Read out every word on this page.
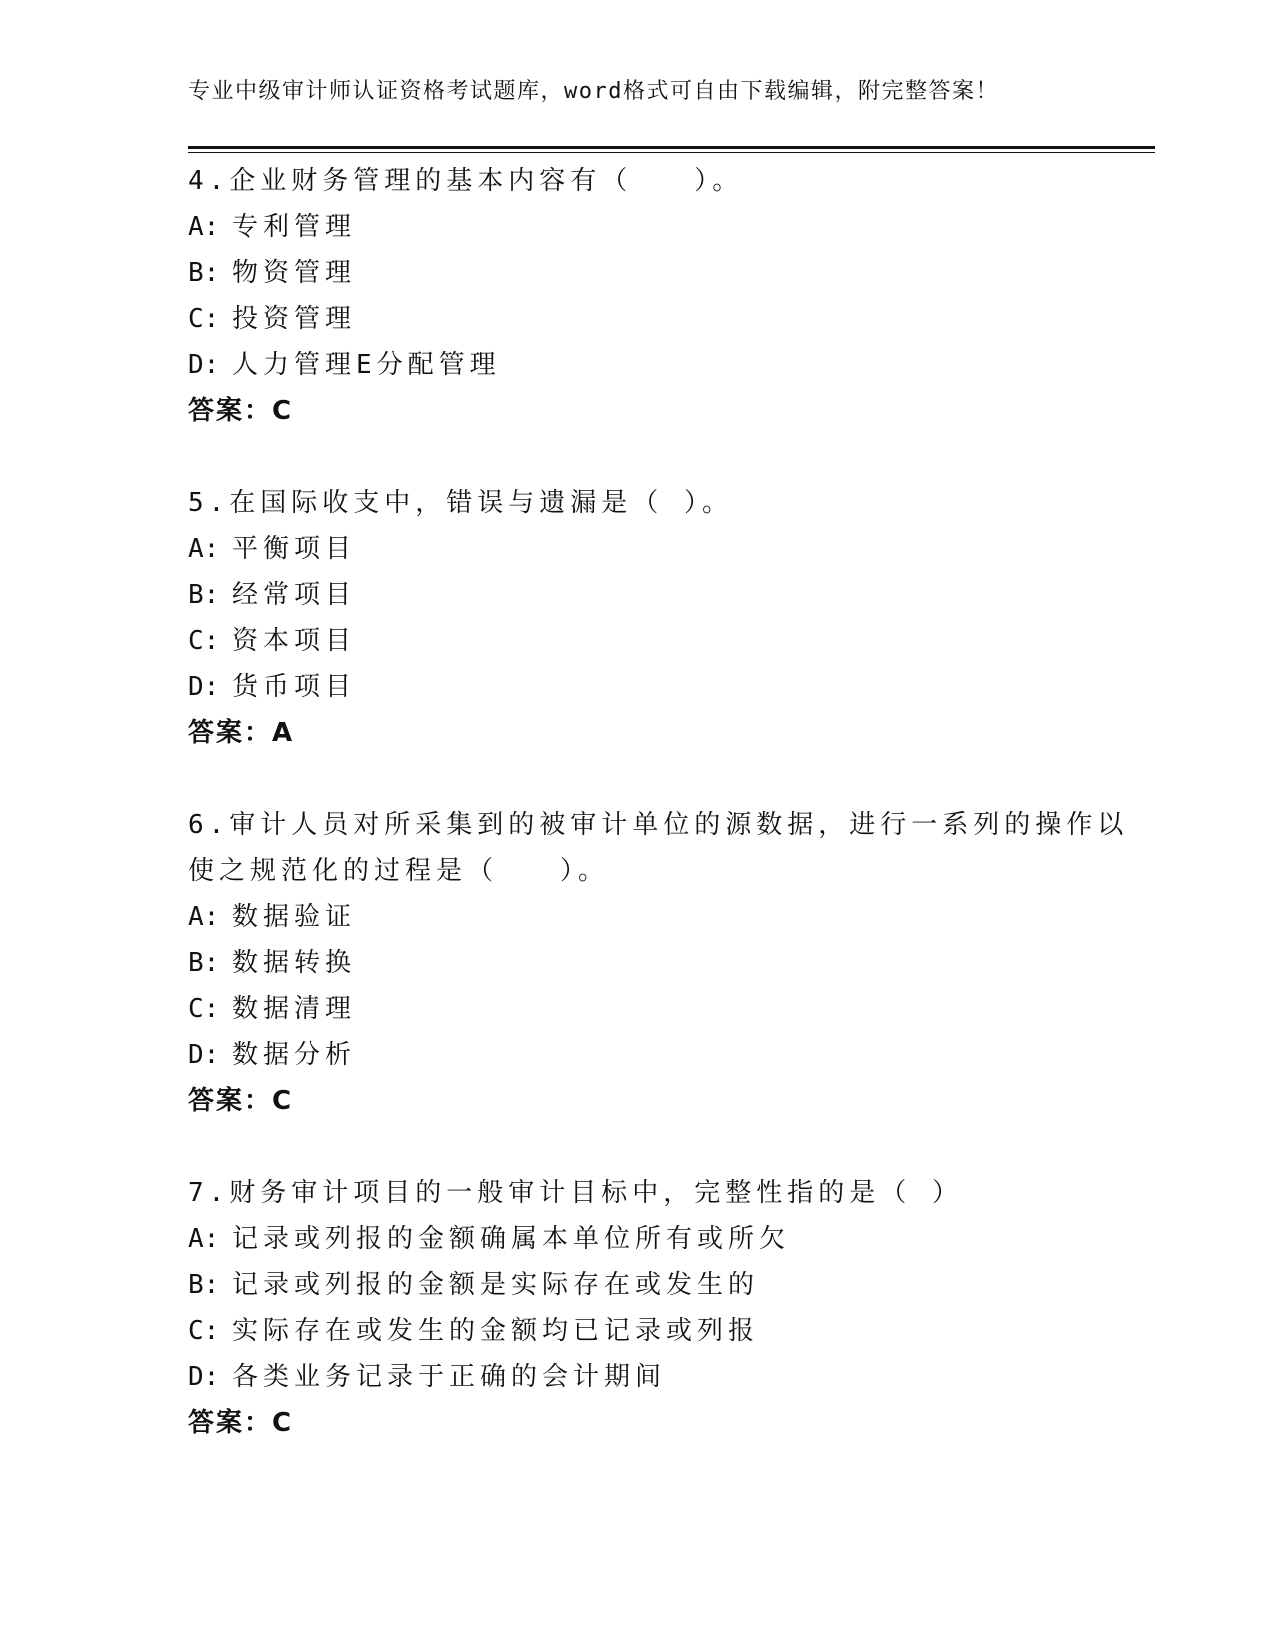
专业中级审计师认证资格考试题库，word格式可自由下载编辑，附完整答案！
4.企业财务管理的基本内容有（　　）。
A: 专利管理
B: 物资管理
C: 投资管理
D: 人力管理E分配管理
答案：C
5.在国际收支中，错误与遗漏是（ ）。
A: 平衡项目
B: 经常项目
C: 资本项目
D: 货币项目
答案：A
6.审计人员对所采集到的被审计单位的源数据，进行一系列的操作以
使之规范化的过程是（　　）。
A: 数据验证
B: 数据转换
C: 数据清理
D: 数据分析
答案：C
7.财务审计项目的一般审计目标中，完整性指的是（ ）
A: 记录或列报的金额确属本单位所有或所欠
B: 记录或列报的金额是实际存在或发生的
C: 实际存在或发生的金额均已记录或列报
D: 各类业务记录于正确的会计期间
答案：C
